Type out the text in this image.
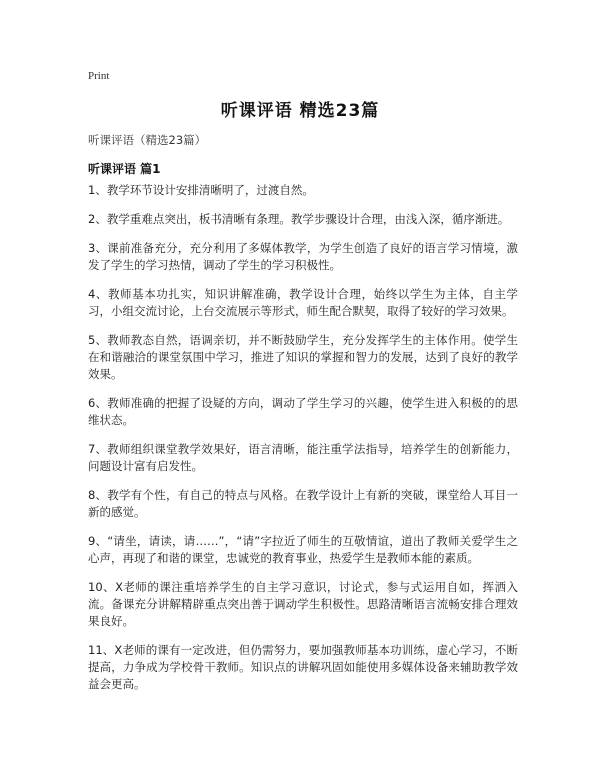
Print
听课评语 精选23篇
听课评语（精选23篇）
听课评语 篇1
1、教学环节设计安排清晰明了，过渡自然。
2、教学重难点突出，板书清晰有条理。教学步骤设计合理，由浅入深，循序渐进。
3、课前准备充分，充分利用了多媒体教学，为学生创造了良好的语言学习情境，激发了学生的学习热情，调动了学生的学习积极性。
4、教师基本功扎实，知识讲解准确，教学设计合理，始终以学生为主体，自主学习，小组交流讨论，上台交流展示等形式，师生配合默契，取得了较好的学习效果。
5、教师教态自然，语调亲切，并不断鼓励学生，充分发挥学生的主体作用。使学生在和谐融洽的课堂氛围中学习，推进了知识的掌握和智力的发展，达到了良好的教学效果。
6、教师准确的把握了设疑的方向，调动了学生学习的兴趣，使学生进入积极的的思维状态。
7、教师组织课堂教学效果好，语言清晰，能注重学法指导，培养学生的创新能力，问题设计富有启发性。
8、教学有个性，有自己的特点与风格。在教学设计上有新的突破，课堂给人耳目一新的感觉。
9、“请坐，请读，请……”，“请”字拉近了师生的互敬情谊，道出了教师关爱学生之心声，再现了和谐的课堂，忠诚党的教育事业，热爱学生是教师本能的素质。
10、X老师的课注重培养学生的自主学习意识，讨论式，参与式运用自如，挥洒入流。备课充分讲解精辟重点突出善于调动学生积极性。思路清晰语言流畅安排合理效果良好。
11、X老师的课有一定改进，但仍需努力，要加强教师基本功训练，虚心学习，不断提高，力争成为学校骨干教师。知识点的讲解巩固如能使用多媒体设备来辅助教学效益会更高。
